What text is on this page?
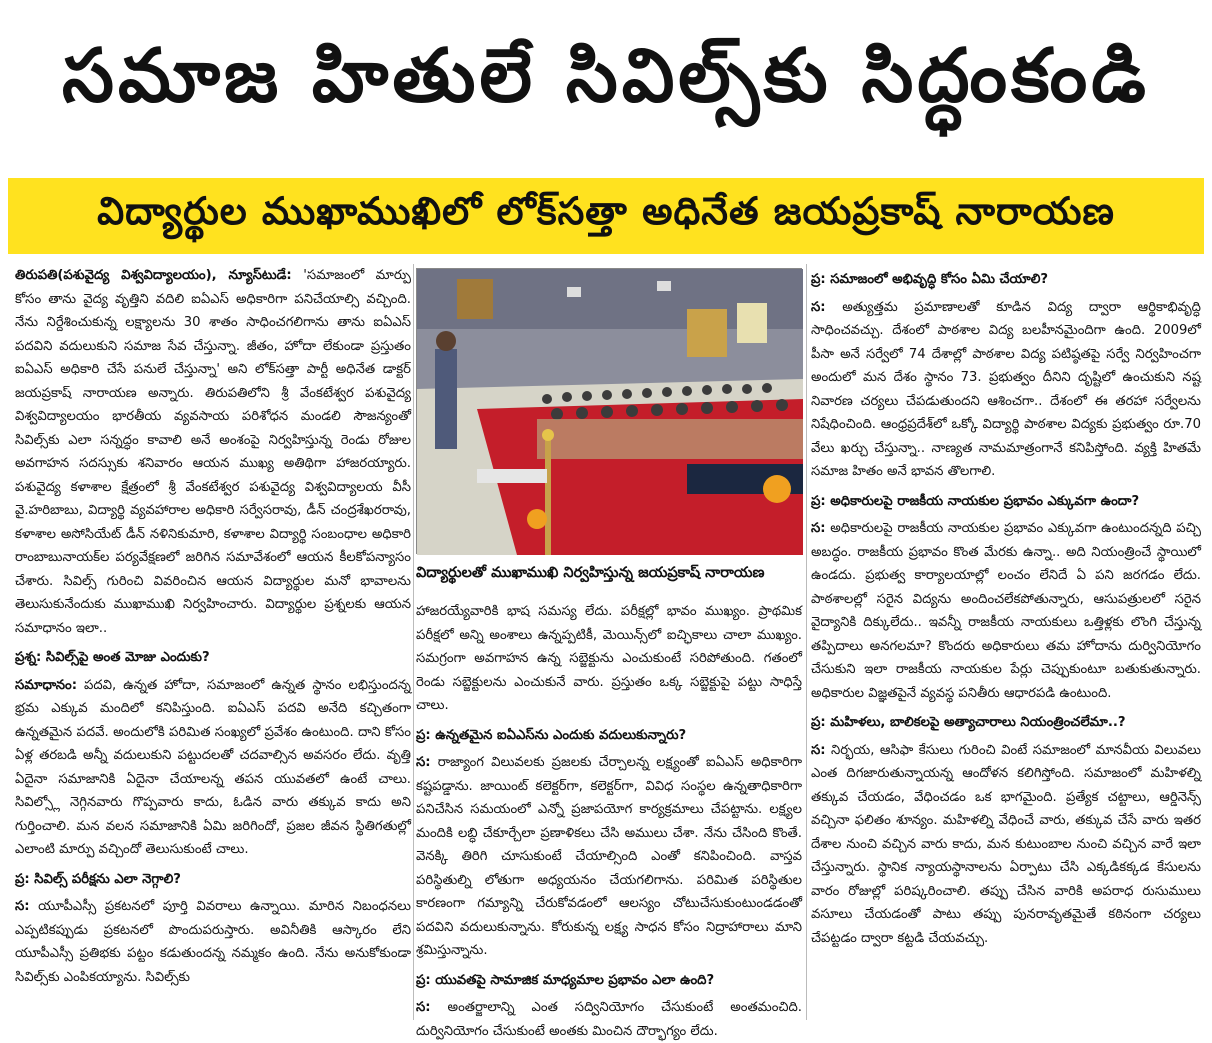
సమాజ హితులే సివిల్స్‌కు సిద్ధంకండి
విద్యార్థుల ముఖాముఖిలో లోక్‌సత్తా అధినేత జయప్రకాష్ నారాయణ

తిరుపతి(పశువైద్య విశ్వవిద్యాలయం), న్యూస్‌టుడే: 'సమాజంలో మార్పు కోసం తాను వైద్య వృత్తిని వదిలి ఐఏఎస్ అధికారిగా పనిచేయాల్సి వచ్చింది. నేను నిర్దేశించుకున్న లక్ష్యాలను 30 శాతం సాధించగలిగాను తాను ఐఏఎస్ పదవిని వదులుకుని సమాజ సేవ చేస్తున్నా. జీతం, హోదా లేకుండా ప్రస్తుతం ఐఏఎస్ అధికారి చేసే పనులే చేస్తున్నా' అని లోక్‌సత్తా పార్టీ అధినేత డాక్టర్ జయప్రకాష్ నారాయణ అన్నారు. తిరుపతిలోని శ్రీ వేంకటేశ్వర పశువైద్య విశ్వవిద్యాలయం భారతీయ వ్యవసాయ పరిశోధన మండలి సౌజన్యంతో సివిల్స్‌కు ఎలా సన్నద్ధం కావాలి అనే అంశంపై నిర్వహిస్తున్న రెండు రోజుల అవగాహన సదస్సుకు శనివారం ఆయన ముఖ్య అతిథిగా హాజరయ్యారు. పశువైద్య కళాశాల క్షేత్రంలో శ్రీ వేంకటేశ్వర పశువైద్య విశ్వవిద్యాలయ వీసీ వై.హరిబాబు, విద్యార్థి వ్యవహారాల అధికారి సర్వేసరావు, డీన్ చంద్రశేఖరరావు, కళాశాల అసోసియేట్ డీన్ నళినికుమారి, కళాశాల విద్యార్థి సంబంధాల అధికారి రాంబాబునాయక్‌ల పర్యవేక్షణలో జరిగిన సమావేశంలో ఆయన కీలకోపన్యాసం చేశారు. సివిల్స్ గురించి వివరించిన ఆయన విద్యార్థుల మనో భావాలను తెలుసుకునేందుకు ముఖాముఖి నిర్వహించారు. విద్యార్థుల ప్రశ్నలకు ఆయన సమాధానం ఇలా..

ప్రశ్న: సివిల్స్‌పై అంత మోజు ఎందుకు?

సమాధానం: పదవి, ఉన్నత హోదా, సమాజంలో ఉన్నత స్థానం లభిస్తుందన్న భ్రమ ఎక్కువ మందిలో కనిపిస్తుంది. ఐఏఎస్ పదవి అనేది కచ్చితంగా ఉన్నతమైన పదవే. అందులోకి పరిమిత సంఖ్యలో ప్రవేశం ఉంటుంది. దాని కోసం ఏళ్ల తరబడి అన్నీ వదులుకుని పట్టుదలతో చదవాల్సిన అవసరం లేదు. వృత్తి ఏదైనా సమాజానికి ఏదైనా చేయాలన్న తపన యువతలో ఉంటే చాలు. సివిల్స్లో నెగ్గినవారు గొప్పవారు కాదు, ఓడిన వారు తక్కువ కాదు అని గుర్తించాలి. మన వలన సమాజానికి ఏమి జరిగిందో, ప్రజల జీవన స్థితిగతుల్లో ఎలాంటి మార్పు వచ్చిందో తెలుసుకుంటే చాలు.

ప్ర: సివిల్స్ పరీక్షను ఎలా నెగ్గాలి?

స: యూపీఎస్సీ ప్రకటనలో పూర్తి వివరాలు ఉన్నాయి. మారిన నిబంధనలు ఎప్పటికప్పుడు ప్రకటనలో పొందుపరుస్తారు. అవినీతికి ఆస్కారం లేని యూపీఎస్సీ ప్రతిభకు పట్టం కడుతుందన్న నమ్మకం ఉంది. నేను అనుకోకుండా సివిల్స్‌కు ఎంపికయ్యాను. సివిల్స్‌కు

విద్యార్థులతో ముఖాముఖి నిర్వహిస్తున్న జయప్రకాష్ నారాయణ

హాజరయ్యేవారికి భాష సమస్య లేదు. పరీక్షల్లో భావం ముఖ్యం. ప్రాథమిక పరీక్షలో అన్ని అంశాలు ఉన్నప్పటికీ, మెయిన్స్‌లో ఐచ్ఛికాలు చాలా ముఖ్యం. సమగ్రంగా అవగాహన ఉన్న సబ్జెక్టును ఎంచుకుంటే సరిపోతుంది. గతంలో రెండు సబ్జెక్టులను ఎంచుకునే వారు. ప్రస్తుతం ఒక్క సబ్జెక్టుపై పట్టు సాధిస్తే చాలు.

ప్ర: ఉన్నతమైన ఐఏఎస్‌ను ఎందుకు వదులుకున్నారు?

స: రాజ్యాంగ విలువలకు ప్రజలకు చేర్చాలన్న లక్ష్యంతో ఐఏఎస్ అధికారిగా కష్టపడ్డాను. జాయింట్ కలెక్టర్‌గా, కలెక్టర్‌గా, వివిధ సంస్థల ఉన్నతాధికారిగా పనిచేసిన సమయంలో ఎన్నో ప్రజాపయోగ కార్యక్రమాలు చేపట్టాను. లక్ష్యల మందికి లబ్ధి చేకూర్చేలా ప్రణాళికలు చేసి అములు చేశా. నేను చేసింది కొంతే. వెనక్కి తిరిగి చూసుకుంటే చేయాల్సింది ఎంతో కనిపించింది. వాస్తవ పరిస్థితుల్ని లోతుగా అధ్యయనం చేయగలిగాను. పరిమిత పరిస్థితుల కారణంగా గమ్యాన్ని చేరుకోవడంలో ఆలస్యం చోటుచేసుకుంటుండడంతో పదవిని వదులుకున్నాను. కోరుకున్న లక్ష్య సాధన కోసం నిద్రాహారాలు మాని శ్రమిస్తున్నాను.

ప్ర: యువతపై సామాజిక మాధ్యమాల ప్రభావం ఎలా ఉంది?

స: అంతర్జాలాన్ని ఎంత సద్వినియోగం చేసుకుంటే అంతమంచిది. దుర్వినియోగం చేసుకుంటే అంతకు మించిన దౌర్భాగ్యం లేదు.

ప్ర: సమాజంలో అభివృద్ధి కోసం ఏమి చేయాలి?

స: అత్యుత్తమ ప్రమాణాలతో కూడిన విద్య ద్వారా ఆర్థికాభివృద్ధి సాధించవచ్చు. దేశంలో పాఠశాల విద్య బలహీనమైందిగా ఉంది. 2009లో పీసా అనే సర్వేలో 74 దేశాల్లో పాఠశాల విద్య పటిష్ఠతపై సర్వే నిర్వహించగా అందులో మన దేశం స్థానం 73. ప్రభుత్వం దీనిని దృష్టిలో ఉంచుకుని నష్ట నివారణ చర్యలు చేపడుతుందని ఆశించగా.. దేశంలో ఈ తరహా సర్వేలను నిషేధించింది. ఆంధ్రప్రదేశ్‌లో ఒక్కో విద్యార్థి పాఠశాల విద్యకు ప్రభుత్వం రూ.70 వేలు ఖర్చు చేస్తున్నా.. నాణ్యత నామమాత్రంగానే కనిపిస్తోంది. వ్యక్తి హితమే సమాజ హితం అనే భావన తొలగాలి.

ప్ర: అధికారులపై రాజకీయ నాయకుల ప్రభావం ఎక్కువగా ఉందా?

స: అధికారులపై రాజకీయ నాయకుల ప్రభావం ఎక్కువగా ఉంటుందన్నది పచ్చి అబద్ధం. రాజకీయ ప్రభావం కొంత మేరకు ఉన్నా.. అది నియంత్రించే స్థాయిలో ఉండదు. ప్రభుత్వ కార్యాలయాల్లో లంచం లేనిదే ఏ పని జరగడం లేదు. పాఠశాలల్లో సరైన విద్యను అందించలేకపోతున్నారు, ఆసుపత్రులలో సరైన వైద్యానికి దిక్కులేదు.. ఇవన్నీ రాజకీయ నాయకులు ఒత్తిళ్లకు లొంగి చేస్తున్న తప్పిదాలు అనగలమా? కొందరు అధికారులు తమ హోదాను దుర్వినియోగం చేసుకుని ఇలా రాజకీయ నాయకుల పేర్లు చెప్పుకుంటూ బతుకుతున్నారు. అధికారుల విజ్ఞతపైనే వ్యవస్థ పనితీరు ఆధారపడి ఉంటుంది.

ప్ర: మహిళలు, బాలికలపై అత్యాచారాలు నియంత్రించలేమా..?

స: నిర్భయ, ఆసిఫా కేసులు గురించి వింటే సమాజంలో మానవీయ విలువలు ఎంత దిగజారుతున్నాయన్న ఆందోళన కలిగిస్తోంది. సమాజంలో మహిళల్ని తక్కువ చేయడం, వేధించడం ఒక భాగమైంది. ప్రత్యేక చట్టాలు, ఆర్డినెన్స్ వచ్చినా ఫలితం శూన్యం. మహిళల్ని వేధించే వారు, తక్కువ చేసే వారు ఇతర దేశాల నుంచి వచ్చిన వారు కాదు, మన కుటుంబాల నుంచి వచ్చిన వారే ఇలా చేస్తున్నారు. స్థానిక న్యాయస్థానాలను ఏర్పాటు చేసి ఎక్కడికక్కడ కేసులను వారం రోజుల్లో పరిష్కరించాలి. తప్పు చేసిన వారికి అపరాధ రుసుములు వసూలు చేయడంతో పాటు తప్పు పునరావృతమైతే కఠినంగా చర్యలు చేపట్టడం ద్వారా కట్టడి చేయవచ్చు.
